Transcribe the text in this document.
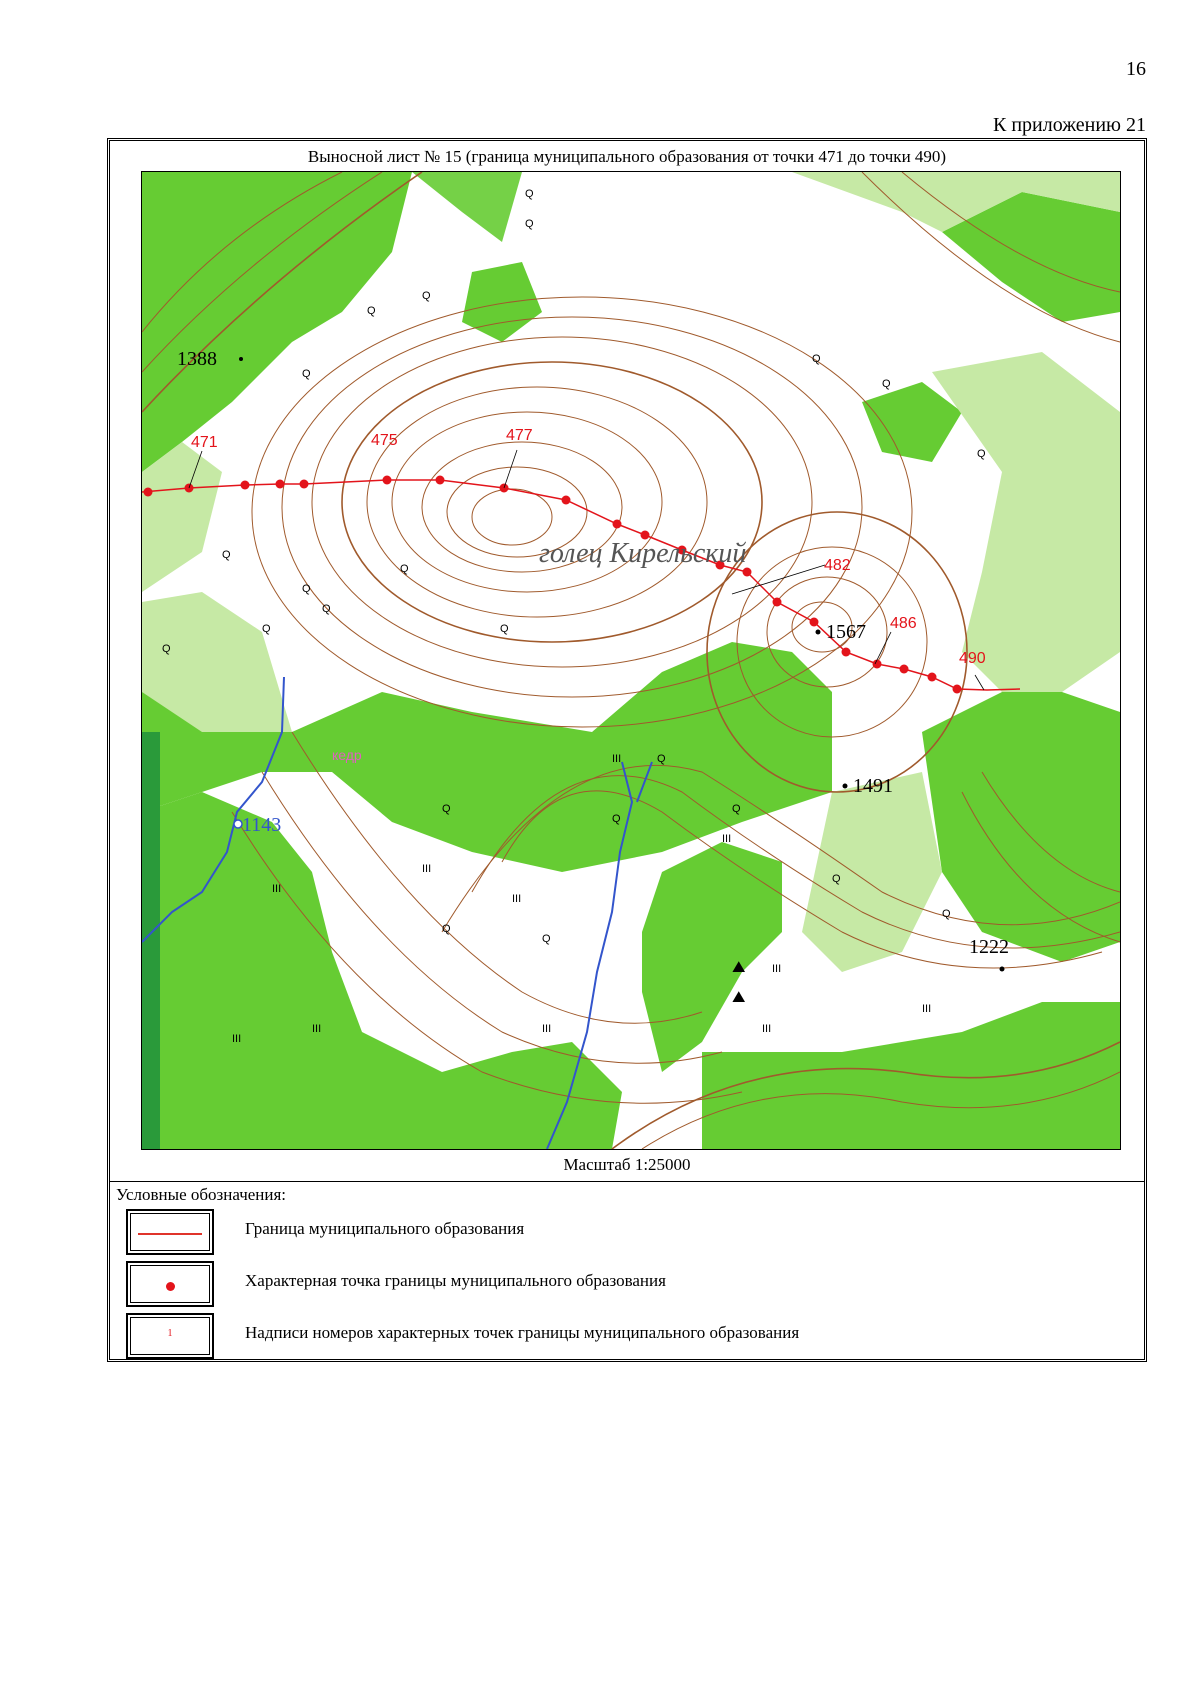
16
К приложению 21
Выносной лист № 15 (граница муниципального образования от точки 471 до точки 490)
Масштаб 1:25000
Условные обозначения:
Граница муниципального образования
Характерная точка границы муниципального образования
1	Надписи номеров характерных точек границы муниципального образования
471	475	477
482
486
490
голец Кирельский
1388
1567
1491
1143
1222
кедр
Q
Q
Q
Q
Q
Q
Q
Q
Q
Q
Q
Q
Q
Q
Q
Q
Q
Q
Q
Q
Q
Q
Q
III
III
III
III
III
III
III
III
III
III	III
⛰
⛰
